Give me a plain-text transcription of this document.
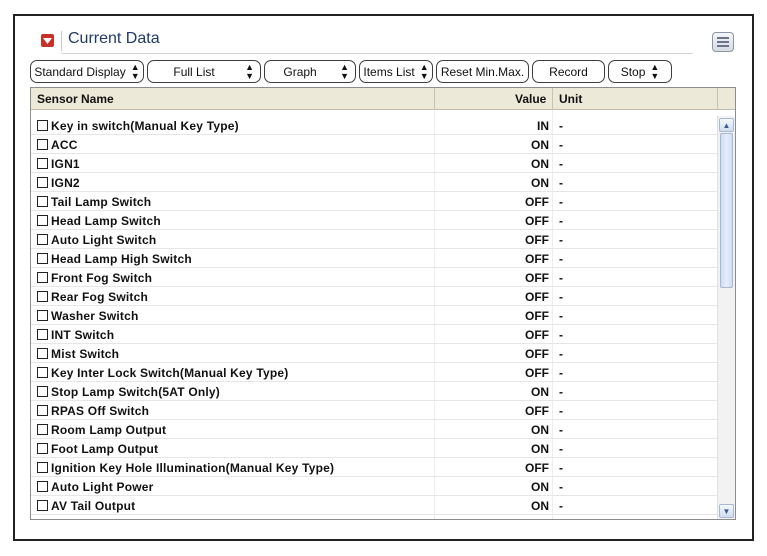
Current Data
Standard Display ▲
▼	Full List	▲
▼	Graph	▲
▼ Items List ▲
▼ Reset Min.Max. Record	Stop ▲
▼
Sensor Name	Value Unit
Key in switch(Manual Key Type)	IN -
ACC	ON -
IGN1	ON -
IGN2	ON -
Tail Lamp Switch	OFF -
Head Lamp Switch	OFF -
Auto Light Switch	OFF -
Head Lamp High Switch	OFF -
Front Fog Switch	OFF -
Rear Fog Switch	OFF -
Washer Switch	OFF -
INT Switch	OFF -
Mist Switch	OFF -
Key Inter Lock Switch(Manual Key Type)	OFF -
Stop Lamp Switch(5AT Only)	ON -
RPAS Off Switch	OFF -
Room Lamp Output	ON -
Foot Lamp Output	ON -
Ignition Key Hole Illumination(Manual Key Type)	OFF -
Auto Light Power	ON -
AV Tail Output	ON -
▲
▼
